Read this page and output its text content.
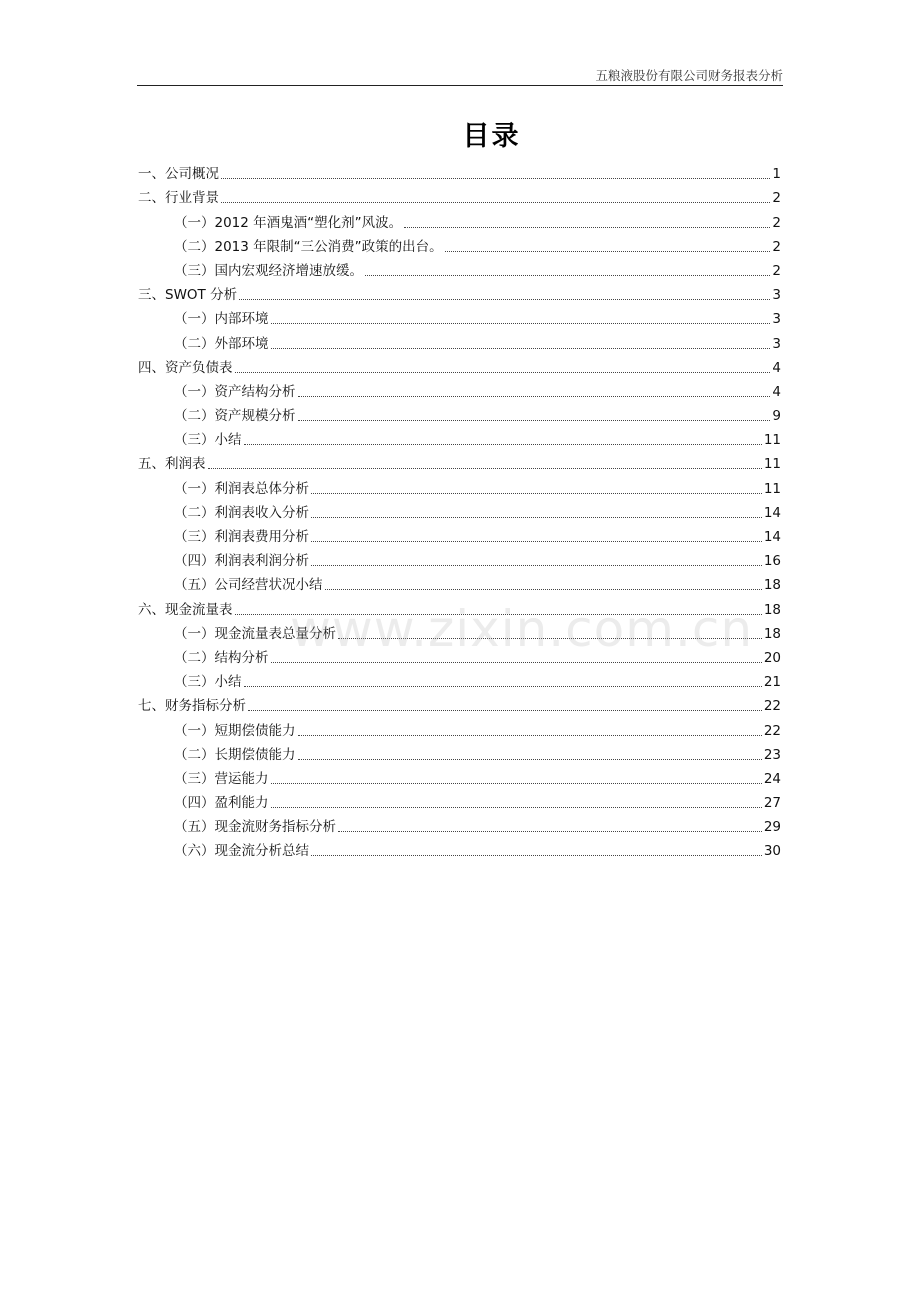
五粮液股份有限公司财务报表分析
目录
一、公司概况	1
二、行业背景	2
（一）2012 年酒鬼酒“塑化剂”风波。	2
（二）2013 年限制“三公消费”政策的出台。	2
（三）国内宏观经济增速放缓。	2
三、SWOT 分析	3
（一）内部环境	3
（二）外部环境	3
四、资产负债表	4
（一）资产结构分析	4
（二）资产规模分析	9
（三）小结	11
五、利润表	11
（一）利润表总体分析	11
（二）利润表收入分析	14
（三）利润表费用分析	14
（四）利润表利润分析	16
（五）公司经营状况小结	18
六、现金流量表	18
（一）现金流量表总量分析	18
（二）结构分析	20
（三）小结	21
七、财务指标分析	22
（一）短期偿债能力	22
（二）长期偿债能力	23
（三）营运能力	24
（四）盈利能力	27
（五）现金流财务指标分析	29
（六）现金流分析总结	30
www.zixin.com.cn
